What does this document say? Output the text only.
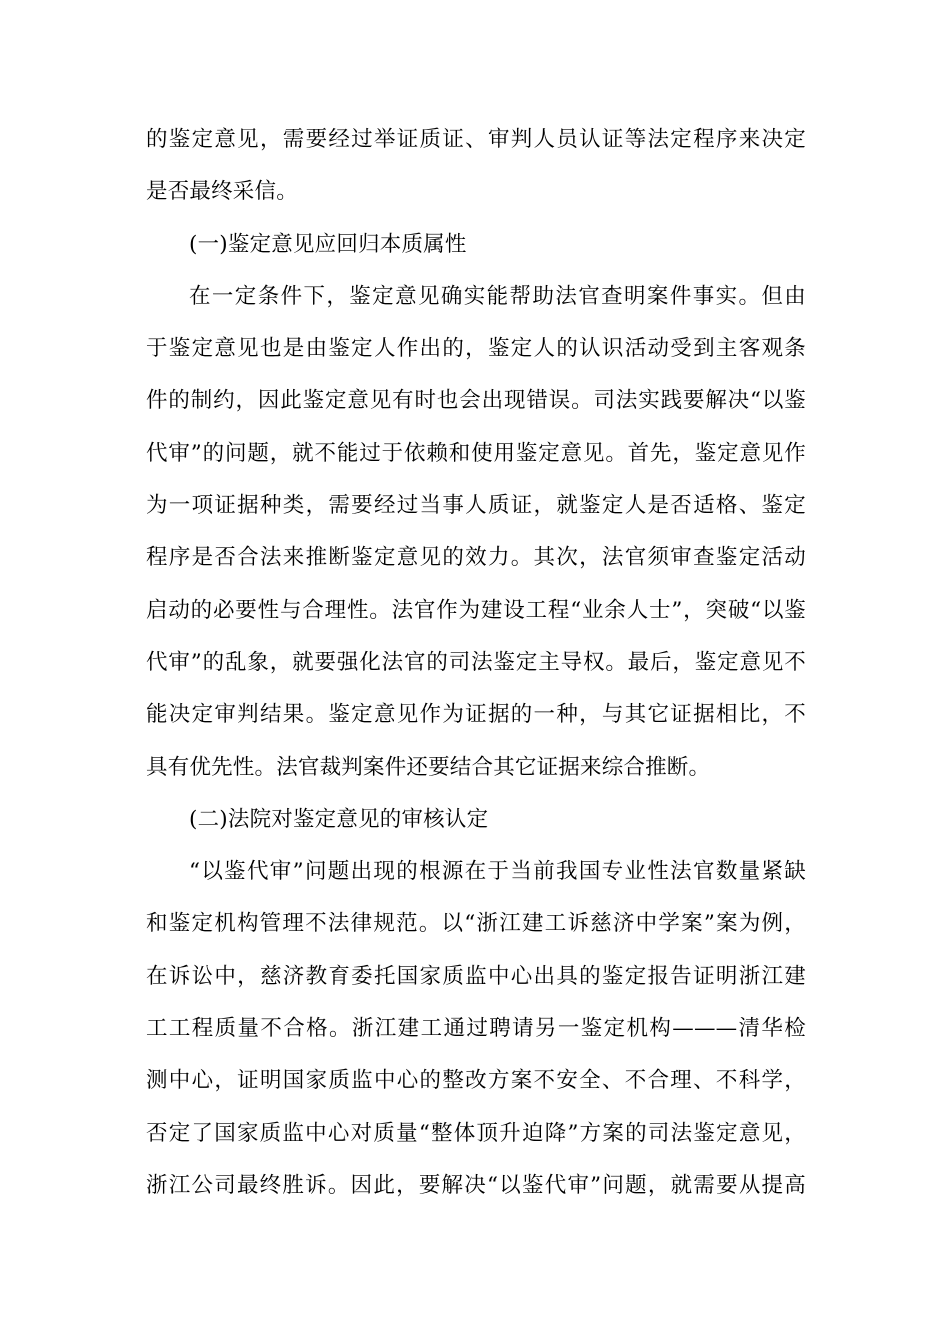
的鉴定意见，需要经过举证质证、审判人员认证等法定程序来决定
是否最终采信。
(一)鉴定意见应回归本质属性
在一定条件下，鉴定意见确实能帮助法官查明案件事实。但由
于鉴定意见也是由鉴定人作出的，鉴定人的认识活动受到主客观条
件的制约，因此鉴定意见有时也会出现错误。司法实践要解决“以鉴
代审”的问题，就不能过于依赖和使用鉴定意见。首先，鉴定意见作
为一项证据种类，需要经过当事人质证，就鉴定人是否适格、鉴定
程序是否合法来推断鉴定意见的效力。其次，法官须审查鉴定活动
启动的必要性与合理性。法官作为建设工程“业余人士”，突破“以鉴
代审”的乱象，就要强化法官的司法鉴定主导权。最后，鉴定意见不
能决定审判结果。鉴定意见作为证据的一种，与其它证据相比，不
具有优先性。法官裁判案件还要结合其它证据来综合推断。
(二)法院对鉴定意见的审核认定
“以鉴代审”问题出现的根源在于当前我国专业性法官数量紧缺
和鉴定机构管理不法律规范。以“浙江建工诉慈济中学案”案为例，
在诉讼中，慈济教育委托国家质监中心出具的鉴定报告证明浙江建
工工程质量不合格。浙江建工通过聘请另一鉴定机构———清华检
测中心，证明国家质监中心的整改方案不安全、不合理、不科学，
否定了国家质监中心对质量“整体顶升迫降”方案的司法鉴定意见，
浙江公司最终胜诉。因此，要解决“以鉴代审”问题，就需要从提高
